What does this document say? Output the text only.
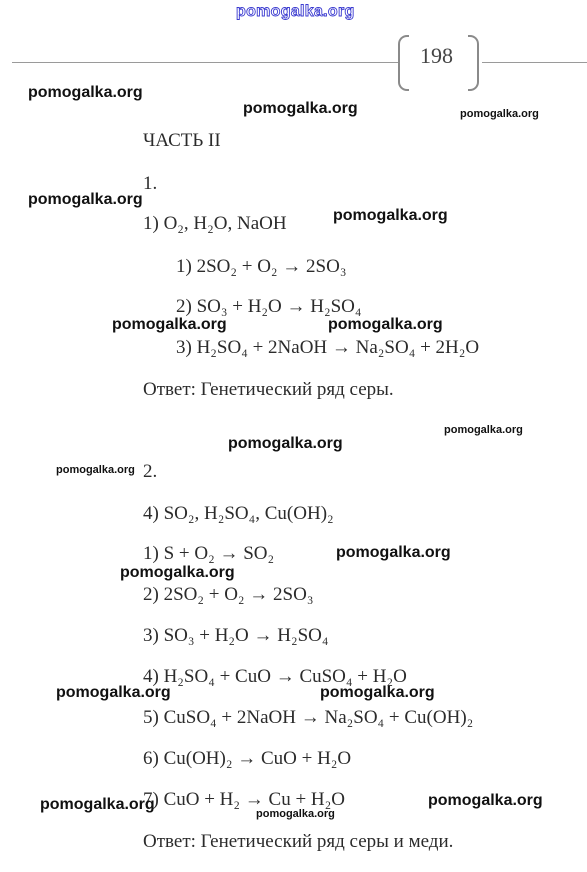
pomogalka.org
198
ЧАСТЬ II
1.
1) O₂, H₂O, NaOH
1) 2SO₂ + O₂ → 2SO₃
2) SO₃ + H₂O → H₂SO₄
3) H₂SO₄ + 2NaOH → Na₂SO₄ + 2H₂O
Ответ: Генетический ряд серы.
2.
4) SO₂, H₂SO₄, Cu(OH)₂
1) S + O₂ → SO₂
2) 2SO₂ + O₂ → 2SO₃
3) SO₃ + H₂O → H₂SO₄
4) H₂SO₄ + CuO → CuSO₄ + H₂O
5) CuSO₄ + 2NaOH → Na₂SO₄ + Cu(OH)₂
6) Cu(OH)₂ → CuO + H₂O
7) CuO + H₂ → Cu + H₂O
Ответ: Генетический ряд серы и меди.
pomogalka.org
pomogalka.org	pomogalka.org
pomogalka.org
pomogalka.org
pomogalka.org	pomogalka.org
pomogalka.org
pomogalka.org
pomogalka.org
pomogalka.org
pomogalka.org
pomogalka.org	pomogalka.org
pomogalka.org	pomogalka.org
pomogalka.org
